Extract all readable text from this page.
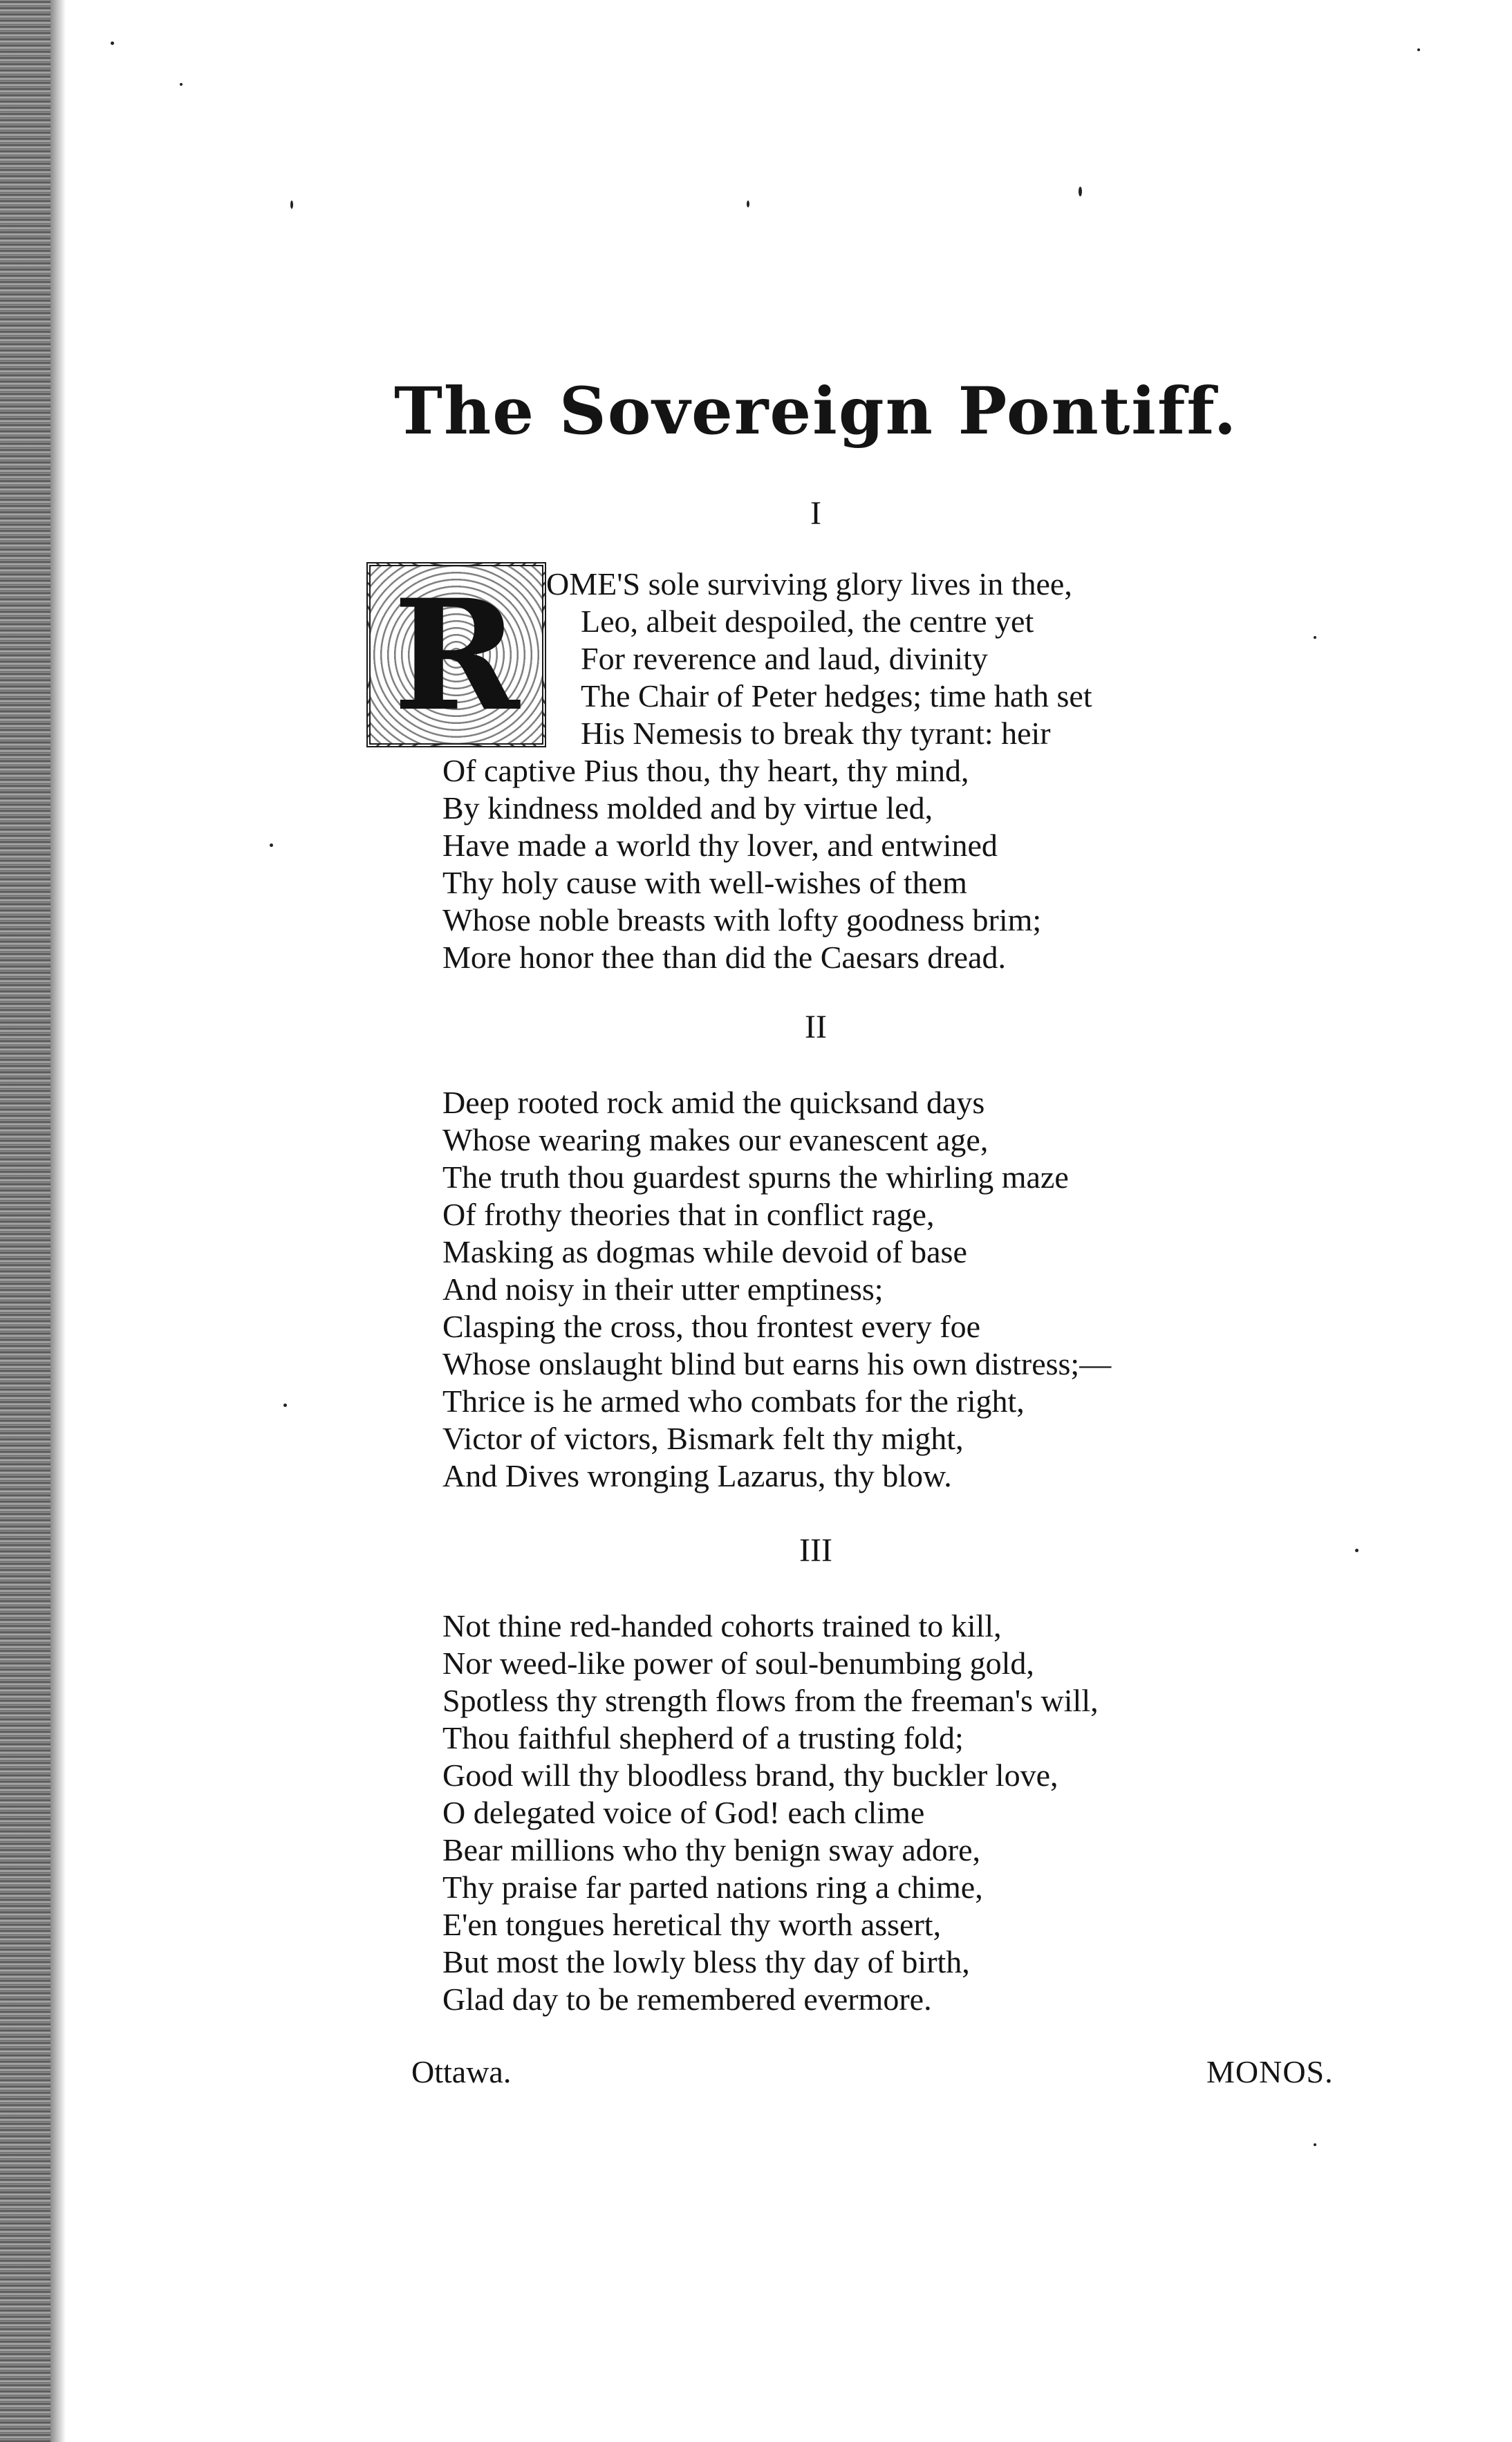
The Sovereign Pontiff.
I
R OME'S sole surviving glory lives in thee,
Leo, albeit despoiled, the centre yet
For reverence and laud, divinity
The Chair of Peter hedges; time hath set
His Nemesis to break thy tyrant: heir
Of captive Pius thou, thy heart, thy mind,
By kindness molded and by virtue led,
Have made a world thy lover, and entwined
Thy holy cause with well-wishes of them
Whose noble breasts with lofty goodness brim;
More honor thee than did the Caesars dread.
II
Deep rooted rock amid the quicksand days
Whose wearing makes our evanescent age,
The truth thou guardest spurns the whirling maze
Of frothy theories that in conflict rage,
Masking as dogmas while devoid of base
And noisy in their utter emptiness;
Clasping the cross, thou frontest every foe
Whose onslaught blind but earns his own distress;—
Thrice is he armed who combats for the right,
Victor of victors, Bismark felt thy might,
And Dives wronging Lazarus, thy blow.
III
Not thine red-handed cohorts trained to kill,
Nor weed-like power of soul-benumbing gold,
Spotless thy strength flows from the freeman's will,
Thou faithful shepherd of a trusting fold;
Good will thy bloodless brand, thy buckler love,
O delegated voice of God! each clime
Bear millions who thy benign sway adore,
Thy praise far parted nations ring a chime,
E'en tongues heretical thy worth assert,
But most the lowly bless thy day of birth,
Glad day to be remembered evermore.
Ottawa.	MONOS.
